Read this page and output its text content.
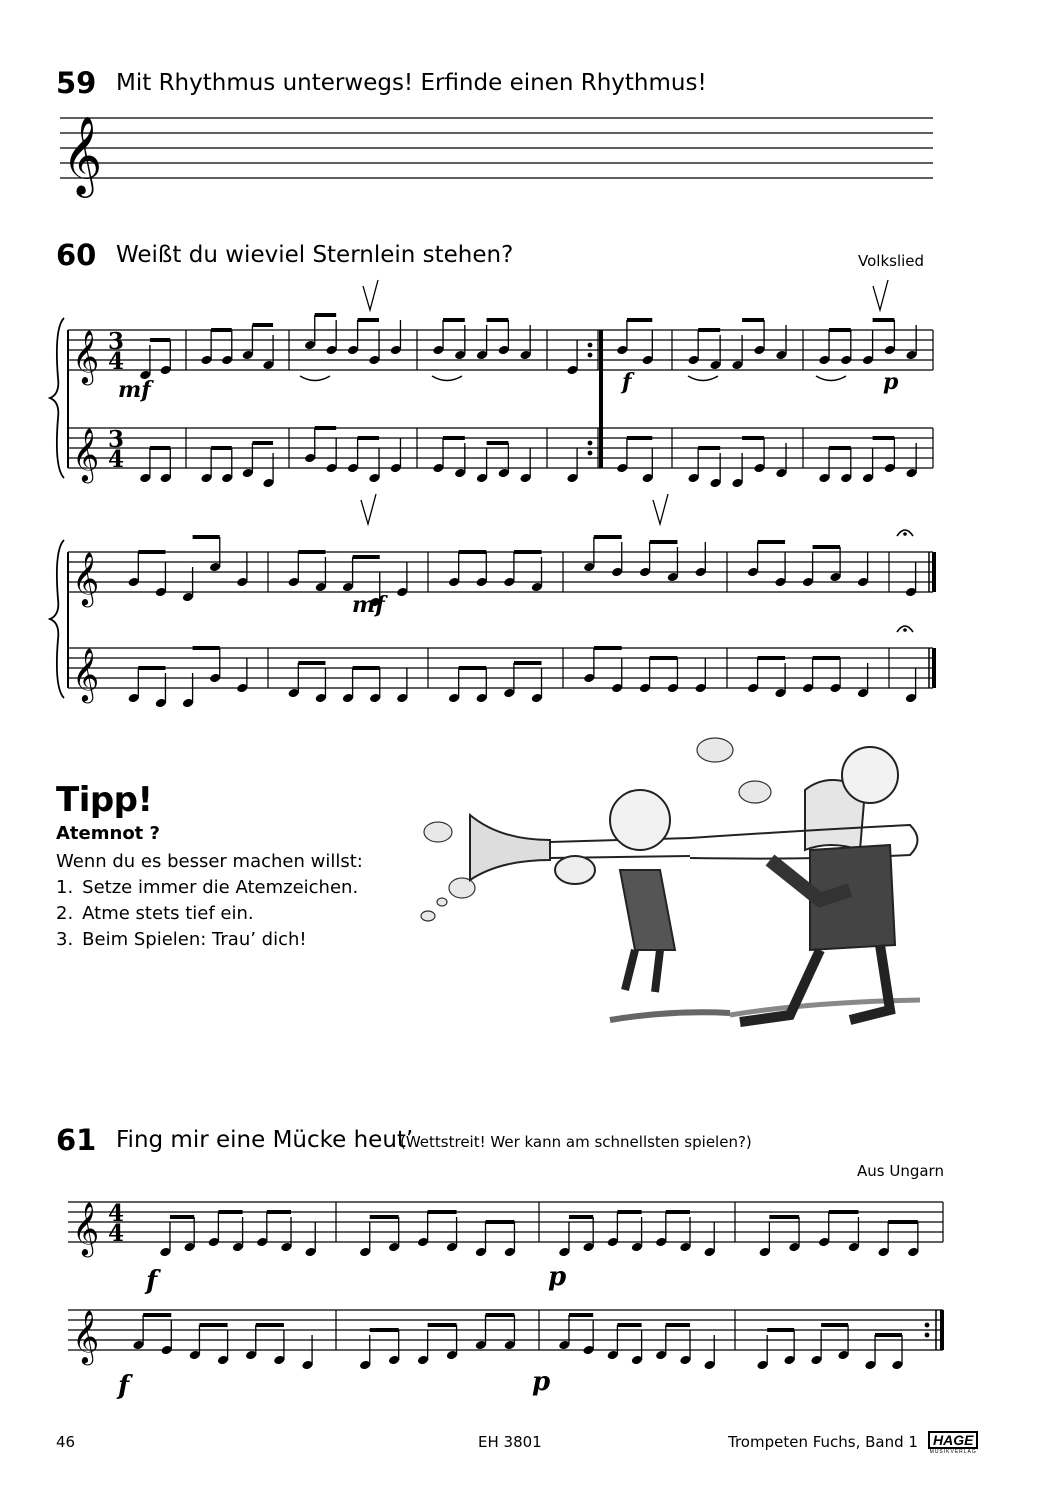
59 Mit Rhythmus unterwegs! Erfinde einen Rhythmus!
𝄞
60 Weißt du wieviel Sternlein stehen?	Volkslied
𝄞
𝄞
3
4
3
4
𝄞
𝄞
mf	f	p
mf
Tipp!
Atemnot ?
Wenn du es besser machen willst:
1. Setze immer die Atemzeichen.
2. Atme stets tief ein.
3. Beim Spielen: Trau’ dich!
61 Fing mir eine Mücke heut’
(Wettstreit! Wer kann am schnellsten spielen?)
Aus Ungarn
𝄞
𝄞
4
4
f	p
f	p
46	EH 3801	Trompeten Fuchs, Band 1	HAGE
MUSIKVERLAG
